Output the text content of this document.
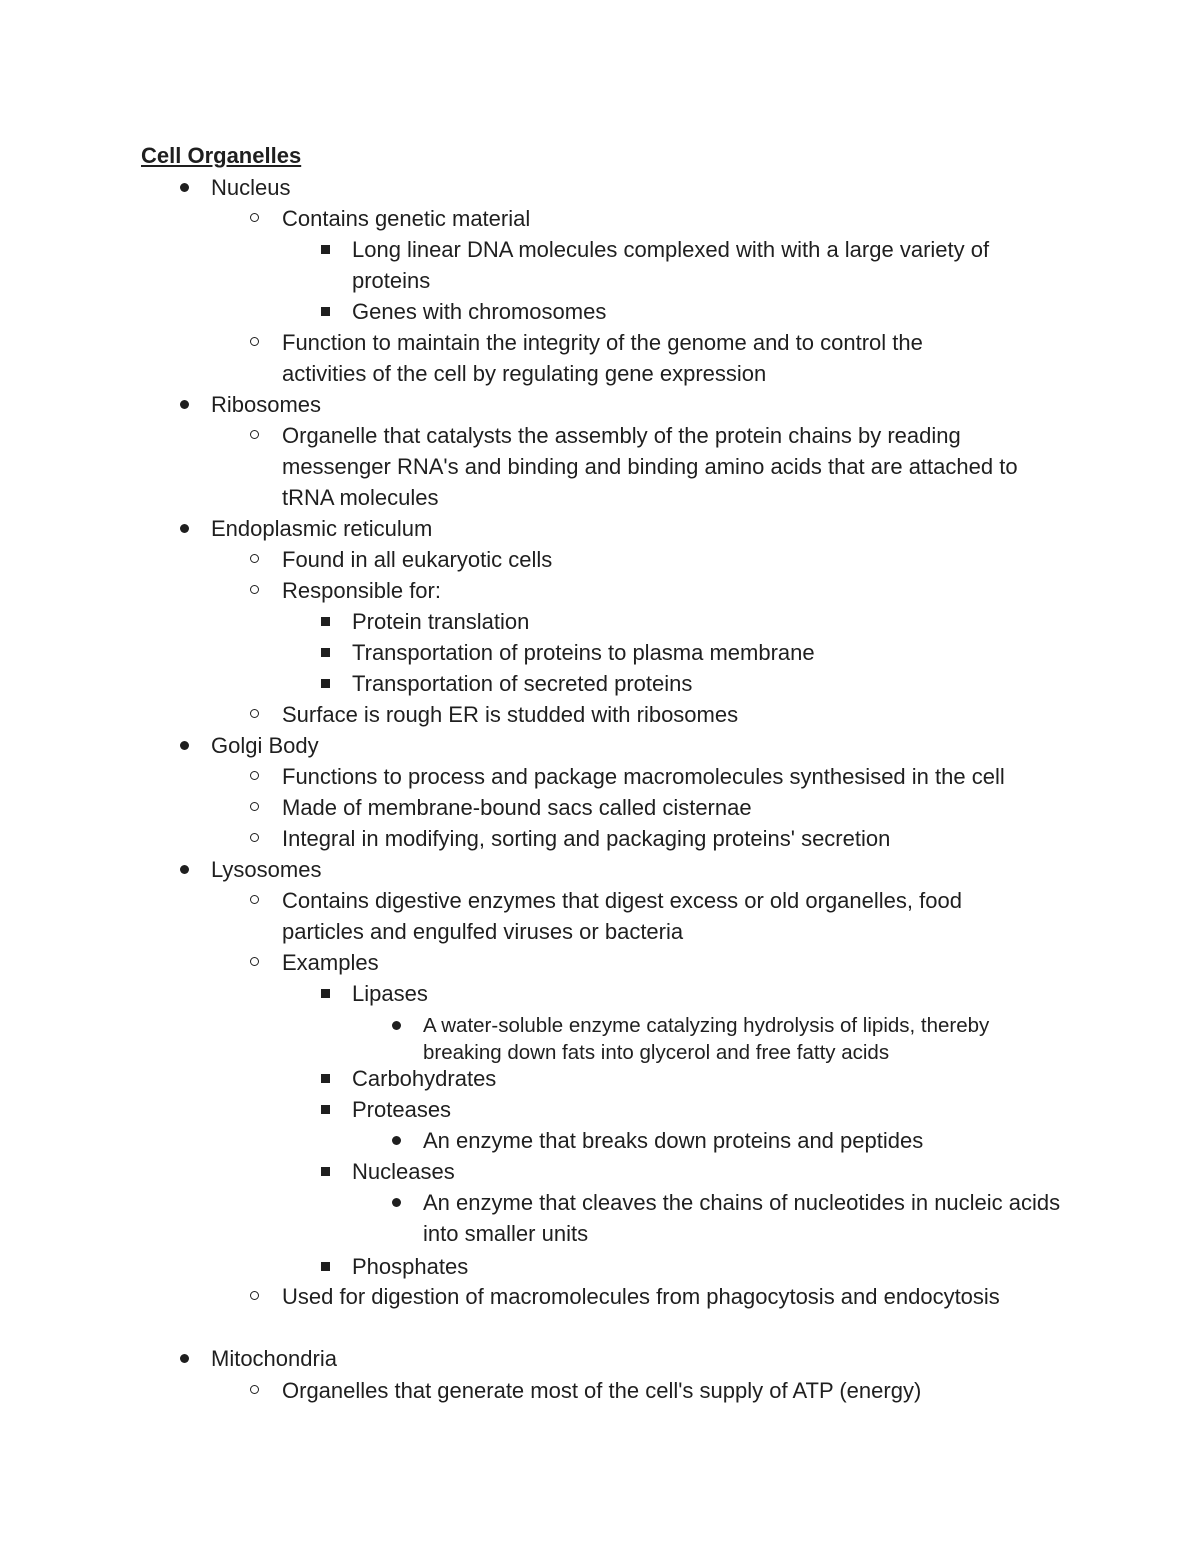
Cell Organelles
Nucleus
Contains genetic material
Long linear DNA molecules complexed with with a large variety of proteins
Genes with chromosomes
Function to maintain the integrity of the genome and to control the activities of the cell by regulating gene expression
Ribosomes
Organelle that catalysts the assembly of the protein chains by reading messenger RNA's and binding and binding amino acids that are attached to tRNA molecules
Endoplasmic reticulum
Found in all eukaryotic cells
Responsible for:
Protein translation
Transportation of proteins to plasma membrane
Transportation of secreted proteins
Surface is rough ER is studded with ribosomes
Golgi Body
Functions to process and package macromolecules synthesised in the cell
Made of membrane-bound sacs called cisternae
Integral in modifying, sorting and packaging proteins' secretion
Lysosomes
Contains digestive enzymes that digest excess or old organelles, food particles and engulfed viruses or bacteria
Examples
Lipases
A water-soluble enzyme catalyzing hydrolysis of lipids, thereby breaking down fats into glycerol and free fatty acids
Carbohydrates
Proteases
An enzyme that breaks down proteins and peptides
Nucleases
An enzyme that cleaves the chains of nucleotides in nucleic acids into smaller units
Phosphates
Used for digestion of macromolecules from phagocytosis and endocytosis
Mitochondria
Organelles that generate most of the cell's supply of ATP (energy)
